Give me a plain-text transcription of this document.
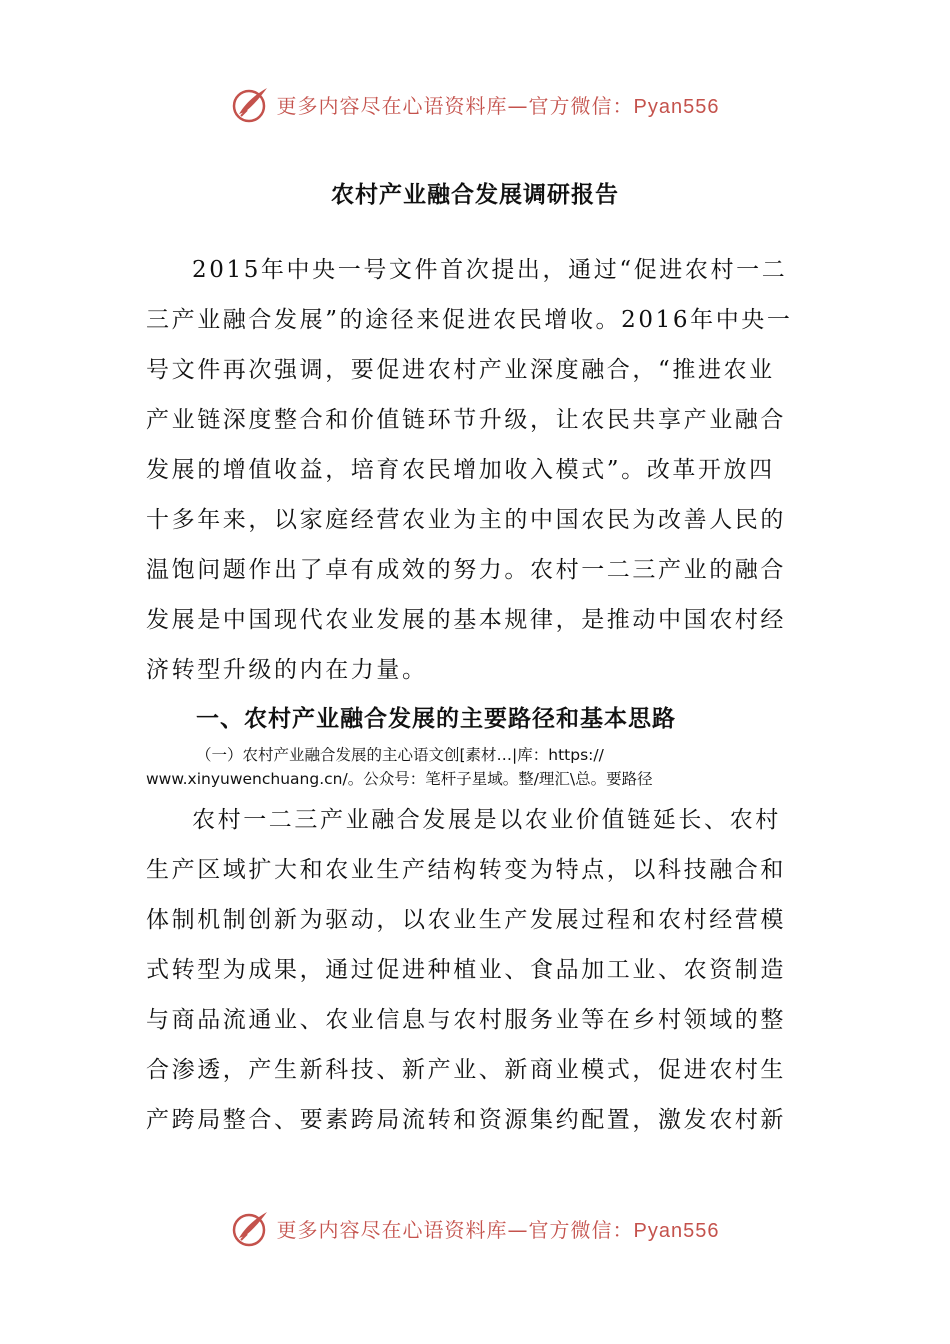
更多内容尽在心语资料库—官方微信：Pyan556
农村产业融合发展调研报告
2015年中央一号文件首次提出，通过“促进农村一二
三产业融合发展”的途径来促进农民增收。2016年中央一
号文件再次强调，要促进农村产业深度融合，“推进农业
产业链深度整合和价值链环节升级，让农民共享产业融合
发展的增值收益，培育农民增加收入模式”。改革开放四
十多年来，以家庭经营农业为主的中国农民为改善人民的
温饱问题作出了卓有成效的努力。农村一二三产业的融合
发展是中国现代农业发展的基本规律，是推动中国农村经
济转型升级的内在力量。
一、农村产业融合发展的主要路径和基本思路
（一）农村产业融合发展的主心语文创[素材…|库：https://
www.xinyuwenchuang.cn/。公众号：笔杆子星域。整/理汇\总。要路径
农村一二三产业融合发展是以农业价值链延长、农村
生产区域扩大和农业生产结构转变为特点，以科技融合和
体制机制创新为驱动，以农业生产发展过程和农村经营模
式转型为成果，通过促进种植业、食品加工业、农资制造
与商品流通业、农业信息与农村服务业等在乡村领域的整
合渗透，产生新科技、新产业、新商业模式，促进农村生
产跨局整合、要素跨局流转和资源集约配置，激发农村新
更多内容尽在心语资料库—官方微信：Pyan556
